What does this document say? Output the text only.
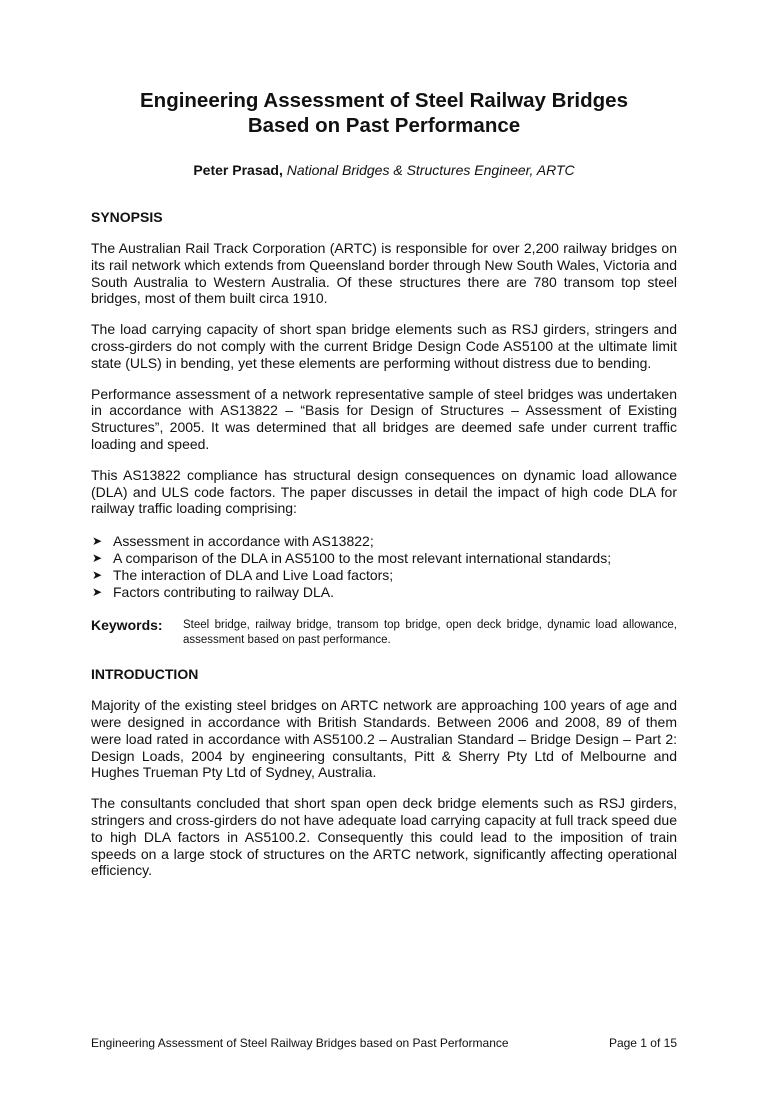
Engineering Assessment of Steel Railway Bridges
Based on Past Performance
Peter Prasad, National Bridges & Structures Engineer, ARTC
SYNOPSIS

The Australian Rail Track Corporation (ARTC) is responsible for over 2,200 railway bridges on its rail network which extends from Queensland border through New South Wales, Victoria and South Australia to Western Australia. Of these structures there are 780 transom top steel bridges, most of them built circa 1910.

The load carrying capacity of short span bridge elements such as RSJ girders, stringers and cross-girders do not comply with the current Bridge Design Code AS5100 at the ultimate limit state (ULS) in bending, yet these elements are performing without distress due to bending.

Performance assessment of a network representative sample of steel bridges was undertaken in accordance with AS13822 – “Basis for Design of Structures – Assessment of Existing Structures”, 2005. It was determined that all bridges are deemed safe under current traffic loading and speed.

This AS13822 compliance has structural design consequences on dynamic load allowance (DLA) and ULS code factors. The paper discusses in detail the impact of high code DLA for railway traffic loading comprising:

➤ Assessment in accordance with AS13822;
➤ A comparison of the DLA in AS5100 to the most relevant international standards;
➤ The interaction of DLA and Live Load factors;
➤ Factors contributing to railway DLA.
Keywords:	Steel bridge, railway bridge, transom top bridge, open deck bridge, dynamic load allowance, assessment based on past performance.
INTRODUCTION

Majority of the existing steel bridges on ARTC network are approaching 100 years of age and were designed in accordance with British Standards. Between 2006 and 2008, 89 of them were load rated in accordance with AS5100.2 – Australian Standard – Bridge Design – Part 2: Design Loads, 2004 by engineering consultants, Pitt & Sherry Pty Ltd of Melbourne and Hughes Trueman Pty Ltd of Sydney, Australia.

The consultants concluded that short span open deck bridge elements such as RSJ girders, stringers and cross-girders do not have adequate load carrying capacity at full track speed due to high DLA factors in AS5100.2. Consequently this could lead to the imposition of train speeds on a large stock of structures on the ARTC network, significantly affecting operational efficiency.

Engineering Assessment of Steel Railway Bridges based on Past Performance	Page 1 of 15
